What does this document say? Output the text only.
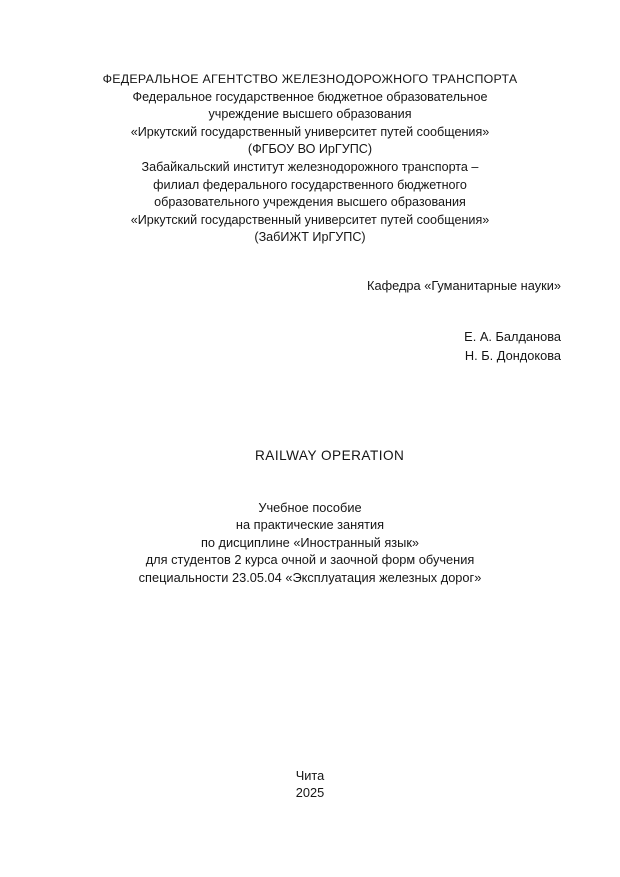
ФЕДЕРАЛЬНОЕ АГЕНТСТВО ЖЕЛЕЗНОДОРОЖНОГО ТРАНСПОРТА
Федеральное государственное бюджетное образовательное
учреждение высшего образования
«Иркутский государственный университет путей сообщения»
(ФГБОУ ВО ИрГУПС)
Забайкальский институт железнодорожного транспорта –
филиал федерального государственного бюджетного
образовательного учреждения высшего образования
«Иркутский государственный университет путей сообщения»
(ЗабИЖТ ИрГУПС)
Кафедра «Гуманитарные науки»
Е. А. Балданова
Н. Б. Дондокова
RAILWAY OPERATION
Учебное пособие
на практические занятия
по дисциплине «Иностранный язык»
для студентов 2 курса очной и заочной форм обучения
специальности 23.05.04 «Эксплуатация железных дорог»
Чита
2025
